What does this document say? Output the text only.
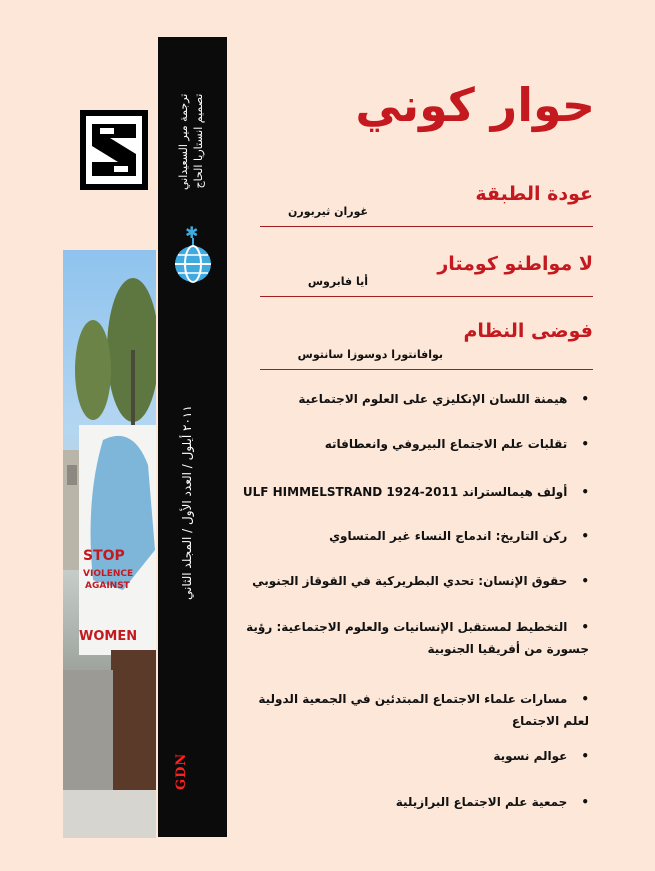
ترجمة مير السعيداني تصميم انستاريا الحاج
✱
٢٠١١ أيلول / العدد الأول / المجلد الثاني
GDN
ISA
STOP
VIOLENCE
AGAINST
WOMEN
حوار كوني
عودة الطبقة
غوران ثيربورن
لا مواطنو كومتار
أيا فابروس
فوضى النظام
بوافانتورا دوسوزا سانتوس
•هيمنة اللسان الإنكليزي على العلوم الاجتماعية
•تقلبات علم الاجتماع البيروفي وانعطافاته
•أولف هيمالستراند ULF HIMMELSTRAND 1924-2011
•ركن التاريخ: اندماج النساء غير المتساوي
•حقوق الإنسان: تحدي البطريركية في القوقاز الجنوبي
•التخطيط لمستقبل الإنسانيات والعلوم الاجتماعية: رؤية جسورة من أفريقيا الجنوبية
•مسارات علماء الاجتماع المبتدئين في الجمعية الدولية لعلم الاجتماع
•عوالم نسوية
•جمعية علم الاجتماع البرازيلية
